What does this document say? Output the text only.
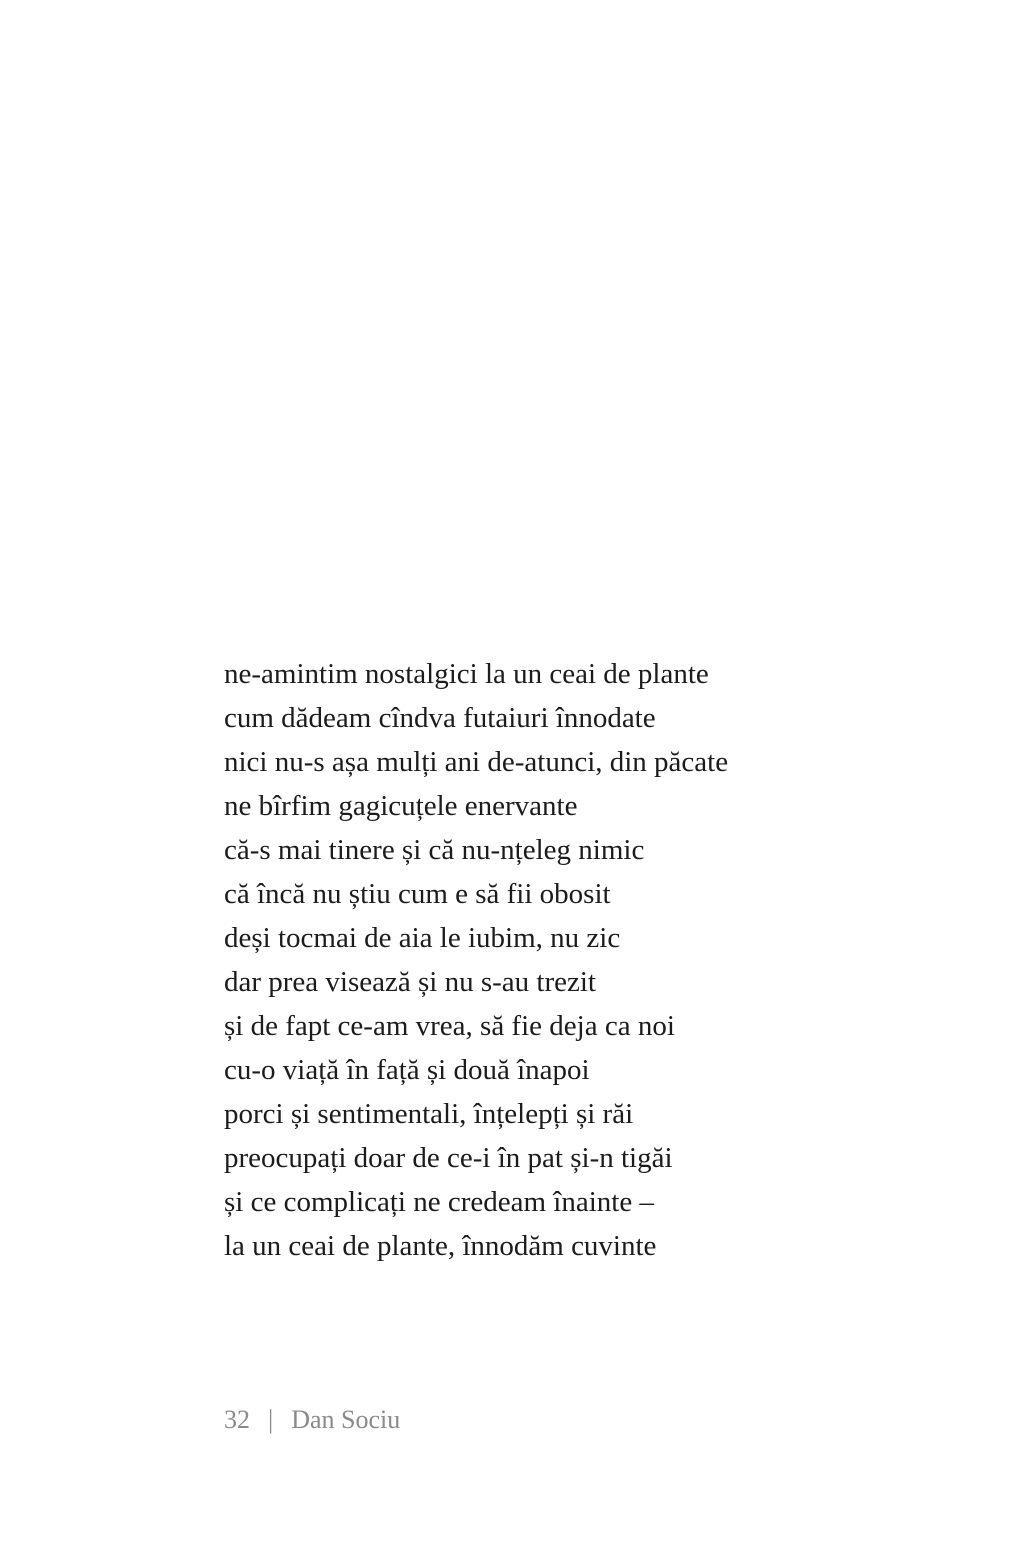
ne-amintim nostalgici la un ceai de plante
cum dădeam cîndva futaiuri înnodate
nici nu-s așa mulți ani de-atunci, din păcate
ne bîrfim gagicuțele enervante
că-s mai tinere și că nu-nțeleg nimic
că încă nu știu cum e să fii obosit
deși tocmai de aia le iubim, nu zic
dar prea visează și nu s-au trezit
și de fapt ce-am vrea, să fie deja ca noi
cu-o viață în față și două înapoi
porci și sentimentali, înțelepți și răi
preocupați doar de ce-i în pat și-n tigăi
și ce complicați ne credeam înainte –
la un ceai de plante, înnodăm cuvinte
32 | Dan Sociu
